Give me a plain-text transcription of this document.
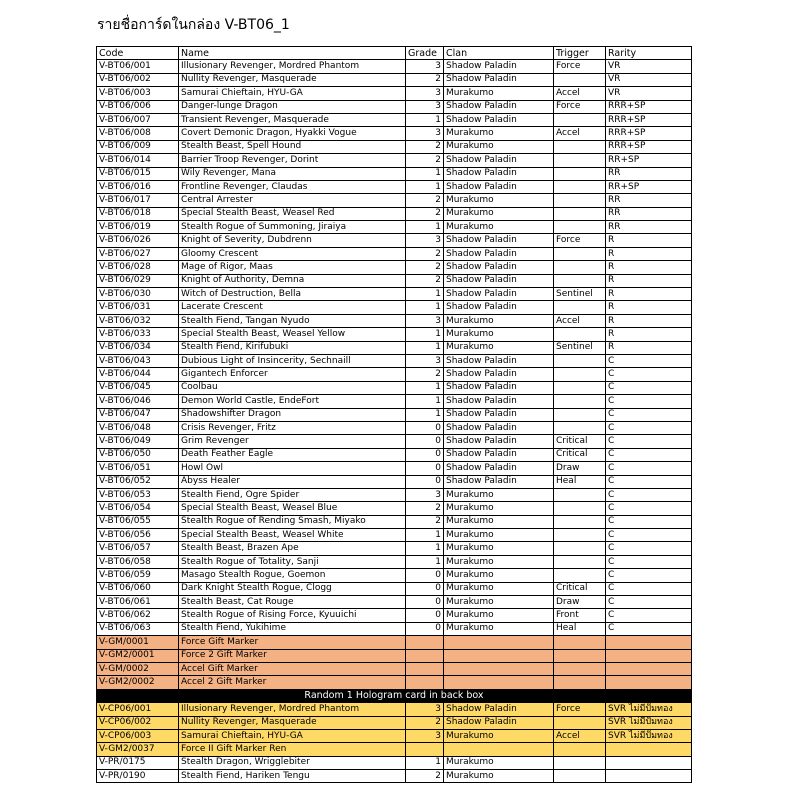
รายชื่อการ์ดในกล่อง V-BT06_1
Code	Name	Grade	Clan	Trigger	Rarity
V-BT06/001	Illusionary Revenger, Mordred Phantom	3	Shadow Paladin	Force	VR
V-BT06/002	Nullity Revenger, Masquerade	2	Shadow Paladin		VR
V-BT06/003	Samurai Chieftain, HYU-GA	3	Murakumo	Accel	VR
V-BT06/006	Danger-lunge Dragon	3	Shadow Paladin	Force	RRR+SP
V-BT06/007	Transient Revenger, Masquerade	1	Shadow Paladin		RRR+SP
V-BT06/008	Covert Demonic Dragon, Hyakki Vogue	3	Murakumo	Accel	RRR+SP
V-BT06/009	Stealth Beast, Spell Hound	2	Murakumo		RRR+SP
V-BT06/014	Barrier Troop Revenger, Dorint	2	Shadow Paladin		RR+SP
V-BT06/015	Wily Revenger, Mana	1	Shadow Paladin		RR
V-BT06/016	Frontline Revenger, Claudas	1	Shadow Paladin		RR+SP
V-BT06/017	Central Arrester	2	Murakumo		RR
V-BT06/018	Special Stealth Beast, Weasel Red	2	Murakumo		RR
V-BT06/019	Stealth Rogue of Summoning, Jiraiya	1	Murakumo		RR
V-BT06/026	Knight of Severity, Dubdrenn	3	Shadow Paladin	Force	R
V-BT06/027	Gloomy Crescent	2	Shadow Paladin		R
V-BT06/028	Mage of Rigor, Maas	2	Shadow Paladin		R
V-BT06/029	Knight of Authority, Demna	2	Shadow Paladin		R
V-BT06/030	Witch of Destruction, Bella	1	Shadow Paladin	Sentinel	R
V-BT06/031	Lacerate Crescent	1	Shadow Paladin		R
V-BT06/032	Stealth Fiend, Tangan Nyudo	3	Murakumo	Accel	R
V-BT06/033	Special Stealth Beast, Weasel Yellow	1	Murakumo		R
V-BT06/034	Stealth Fiend, Kirifubuki	1	Murakumo	Sentinel	R
V-BT06/043	Dubious Light of Insincerity, Sechnaill	3	Shadow Paladin		C
V-BT06/044	Gigantech Enforcer	2	Shadow Paladin		C
V-BT06/045	Coolbau	1	Shadow Paladin		C
V-BT06/046	Demon World Castle, EndeFort	1	Shadow Paladin		C
V-BT06/047	Shadowshifter Dragon	1	Shadow Paladin		C
V-BT06/048	Crisis Revenger, Fritz	0	Shadow Paladin		C
V-BT06/049	Grim Revenger	0	Shadow Paladin	Critical	C
V-BT06/050	Death Feather Eagle	0	Shadow Paladin	Critical	C
V-BT06/051	Howl Owl	0	Shadow Paladin	Draw	C
V-BT06/052	Abyss Healer	0	Shadow Paladin	Heal	C
V-BT06/053	Stealth Fiend, Ogre Spider	3	Murakumo		C
V-BT06/054	Special Stealth Beast, Weasel Blue	2	Murakumo		C
V-BT06/055	Stealth Rogue of Rending Smash, Miyako	2	Murakumo		C
V-BT06/056	Special Stealth Beast, Weasel White	1	Murakumo		C
V-BT06/057	Stealth Beast, Brazen Ape	1	Murakumo		C
V-BT06/058	Stealth Rogue of Totality, Sanji	1	Murakumo		C
V-BT06/059	Masago Stealth Rogue, Goemon	0	Murakumo		C
V-BT06/060	Dark Knight Stealth Rogue, Clogg	0	Murakumo	Critical	C
V-BT06/061	Stealth Beast, Cat Rouge	0	Murakumo	Draw	C
V-BT06/062	Stealth Rogue of Rising Force, Kyuuichi	0	Murakumo	Front	C
V-BT06/063	Stealth Fiend, Yukihime	0	Murakumo	Heal	C
V-GM/0001	Force Gift Marker				
V-GM2/0001	Force 2 Gift Marker				
V-GM/0002	Accel Gift Marker				
V-GM2/0002	Accel 2 Gift Marker				
Random 1 Hologram card in back box					
V-CP06/001	Illusionary Revenger, Mordred Phantom	3	Shadow Paladin	Force	SVR ไม่มีปั๊มทอง
V-CP06/002	Nullity Revenger, Masquerade	2	Shadow Paladin		SVR ไม่มีปั๊มทอง
V-CP06/003	Samurai Chieftain, HYU-GA	3	Murakumo	Accel	SVR ไม่มีปั๊มทอง
V-GM2/0037	Force II Gift Marker Ren				
V-PR/0175	Stealth Dragon, Wrigglebiter	1	Murakumo		
V-PR/0190	Stealth Fiend, Hariken Tengu	2	Murakumo		
